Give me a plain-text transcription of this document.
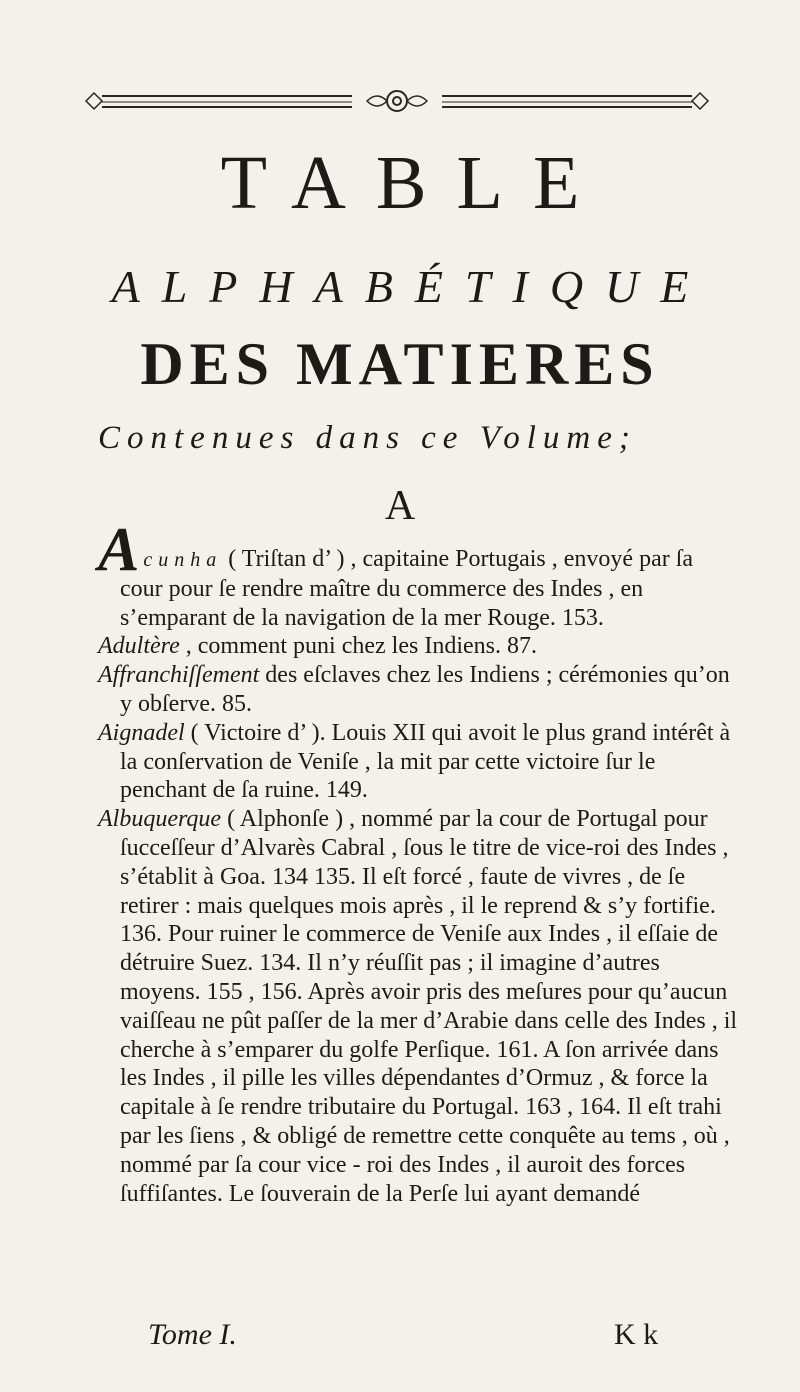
TABLE
ALPHABÉTIQUE
DES MATIERES
Contenues dans ce Volume;
A

Acunha ( Triſtan d’ ) , capitaine Portugais , envoyé par ſa cour pour ſe rendre maître du commerce des Indes , en s’emparant de la navigation de la mer Rouge. 153.

Adultère , comment puni chez les Indiens. 87.

Affranchiſſement des eſclaves chez les Indiens ; cérémonies qu’on y obſerve. 85.

Aignadel ( Victoire d’ ). Louis XII qui avoit le plus grand intérêt à la conſervation de Veniſe , la mit par cette victoire ſur le penchant de ſa ruine. 149.

Albuquerque ( Alphonſe ) , nommé par la cour de Portugal pour ſucceſſeur d’Alvarès Cabral , ſous le titre de vice-roi des Indes , s’établit à Goa. 134 135. Il eſt forcé , faute de vivres , de ſe retirer : mais quelques mois après , il le reprend & s’y fortifie. 136. Pour ruiner le commerce de Veniſe aux Indes , il eſſaie de détruire Suez. 134. Il n’y réuſſit pas ; il imagine d’autres moyens. 155 , 156. Après avoir pris des meſures pour qu’aucun vaiſſeau ne pût paſſer de la mer d’Arabie dans celle des Indes , il cherche à s’emparer du golfe Perſique. 161. A ſon arrivée dans les Indes , il pille les villes dépendantes d’Ormuz , & force la capitale à ſe rendre tributaire du Portugal. 163 , 164. Il eſt trahi par les ſiens , & obligé de remettre cette conquête au tems , où , nommé par ſa cour vice - roi des Indes , il auroit des forces ſuffiſantes. Le ſouverain de la Perſe lui ayant demandé

Tome I.	K k
